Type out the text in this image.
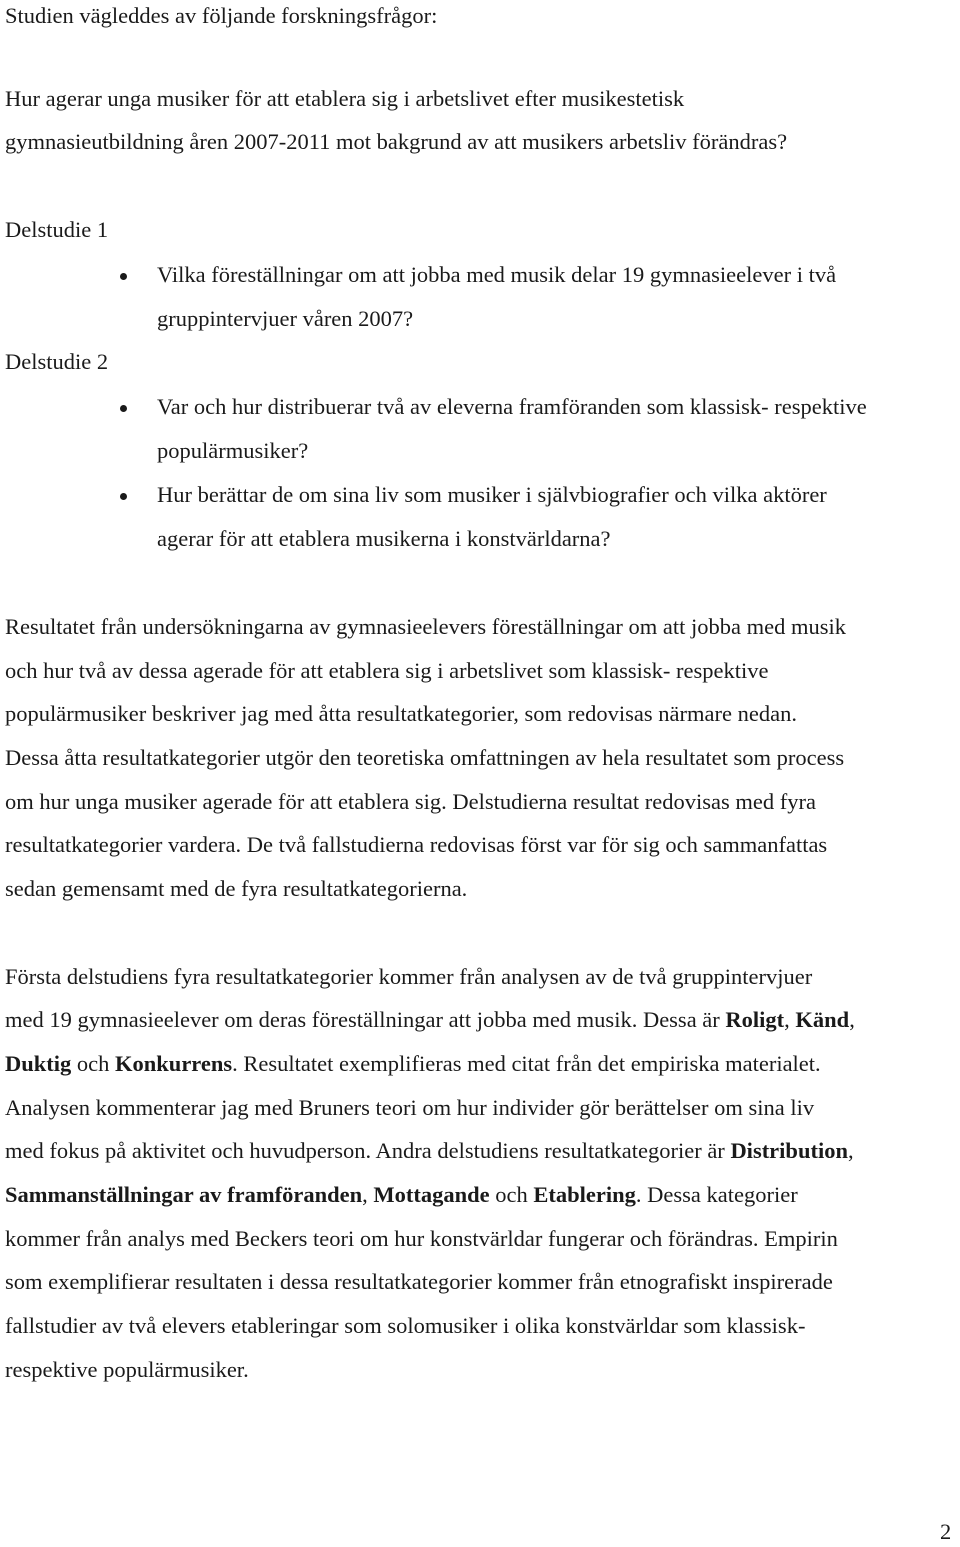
Studien vägleddes av följande forskningsfrågor:
Hur agerar unga musiker för att etablera sig i arbetslivet efter musikestetisk
gymnasieutbildning åren 2007-2011 mot bakgrund av att musikers arbetsliv förändras?
Delstudie 1
Vilka föreställningar om att jobba med musik delar 19 gymnasieelever i två
gruppintervjuer våren 2007?
Delstudie 2
Var och hur distribuerar två av eleverna framföranden som klassisk- respektive
populärmusiker?
Hur berättar de om sina liv som musiker i självbiografier och vilka aktörer
agerar för att etablera musikerna i konstvärldarna?
Resultatet från undersökningarna av gymnasieelevers föreställningar om att jobba med musik
och hur två av dessa agerade för att etablera sig i arbetslivet som klassisk- respektive
populärmusiker beskriver jag med åtta resultatkategorier, som redovisas närmare nedan.
Dessa åtta resultatkategorier utgör den teoretiska omfattningen av hela resultatet som process
om hur unga musiker agerade för att etablera sig. Delstudierna resultat redovisas med fyra
resultatkategorier vardera. De två fallstudierna redovisas först var för sig och sammanfattas
sedan gemensamt med de fyra resultatkategorierna.
Första delstudiens fyra resultatkategorier kommer från analysen av de två gruppintervjuer
med 19 gymnasieelever om deras föreställningar att jobba med musik. Dessa är Roligt, Känd,
Duktig och Konkurrens. Resultatet exemplifieras med citat från det empiriska materialet.
Analysen kommenterar jag med Bruners teori om hur individer gör berättelser om sina liv
med fokus på aktivitet och huvudperson. Andra delstudiens resultatkategorier är Distribution,
Sammanställningar av framföranden, Mottagande och Etablering. Dessa kategorier
kommer från analys med Beckers teori om hur konstvärldar fungerar och förändras. Empirin
som exemplifierar resultaten i dessa resultatkategorier kommer från etnografiskt inspirerade
fallstudier av två elevers etableringar som solomusiker i olika konstvärldar som klassisk-
respektive populärmusiker.
2
